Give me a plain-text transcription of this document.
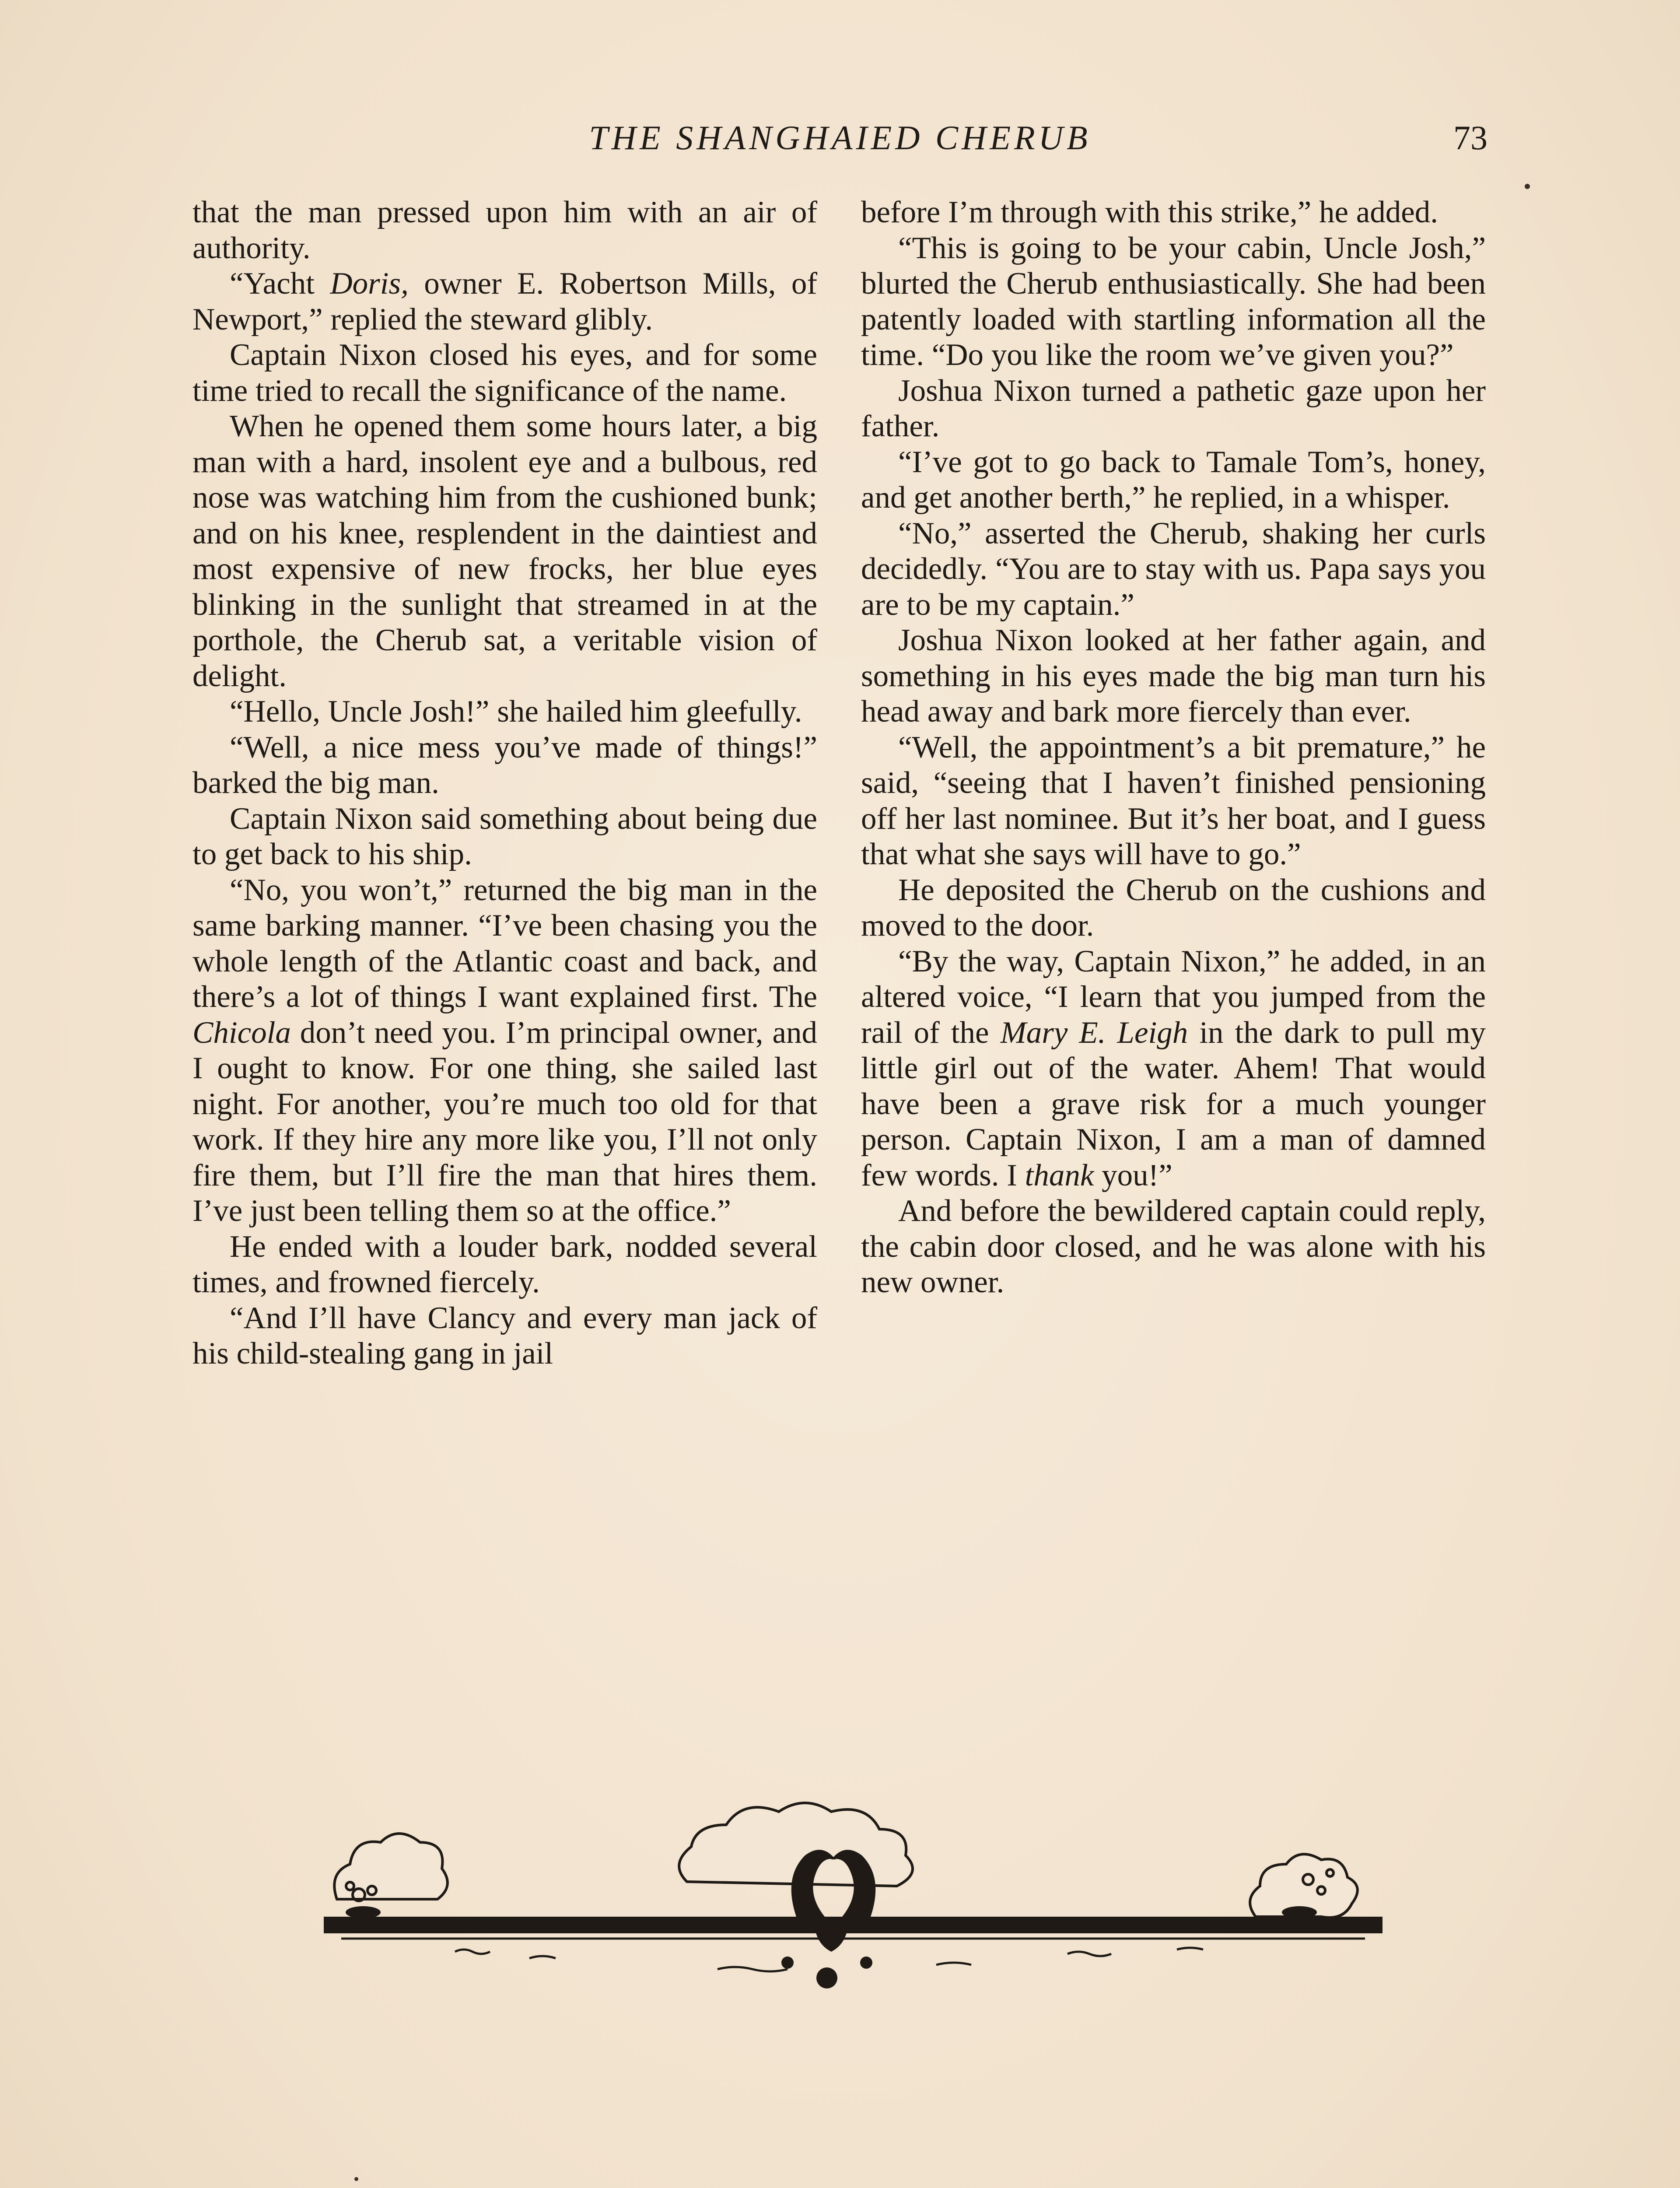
THE SHANGHAIED CHERUB	73

that the man pressed upon him with an air of authority.

“Yacht Doris, owner E. Robertson Mills, of Newport,” replied the steward glibly.

Captain Nixon closed his eyes, and for some time tried to recall the significance of the name.

When he opened them some hours later, a big man with a hard, insolent eye and a bulbous, red nose was watching him from the cushioned bunk; and on his knee, resplendent in the daintiest and most expensive of new frocks, her blue eyes blinking in the sunlight that streamed in at the porthole, the Cherub sat, a veritable vision of delight.

“Hello, Uncle Josh!” she hailed him gleefully.

“Well, a nice mess you’ve made of things!” barked the big man.

Captain Nixon said something about being due to get back to his ship.

“No, you won’t,” returned the big man in the same barking manner. “I’ve been chasing you the whole length of the Atlantic coast and back, and there’s a lot of things I want explained first. The Chicola don’t need you. I’m principal owner, and I ought to know. For one thing, she sailed last night. For another, you’re much too old for that work. If they hire any more like you, I’ll not only fire them, but I’ll fire the man that hires them. I’ve just been telling them so at the office.”

He ended with a louder bark, nodded several times, and frowned fiercely.

“And I’ll have Clancy and every man jack of his child-stealing gang in jail

before I’m through with this strike,” he added.

“This is going to be your cabin, Uncle Josh,” blurted the Cherub enthusiastically. She had been patently loaded with startling information all the time. “Do you like the room we’ve given you?”

Joshua Nixon turned a pathetic gaze upon her father.

“I’ve got to go back to Tamale Tom’s, honey, and get another berth,” he replied, in a whisper.

“No,” asserted the Cherub, shaking her curls decidedly. “You are to stay with us. Papa says you are to be my captain.”

Joshua Nixon looked at her father again, and something in his eyes made the big man turn his head away and bark more fiercely than ever.

“Well, the appointment’s a bit premature,” he said, “seeing that I haven’t finished pensioning off her last nominee. But it’s her boat, and I guess that what she says will have to go.”

He deposited the Cherub on the cushions and moved to the door.

“By the way, Captain Nixon,” he added, in an altered voice, “I learn that you jumped from the rail of the Mary E. Leigh in the dark to pull my little girl out of the water. Ahem! That would have been a grave risk for a much younger person. Captain Nixon, I am a man of damned few words. I thank you!”

And before the bewildered captain could reply, the cabin door closed, and he was alone with his new owner.
